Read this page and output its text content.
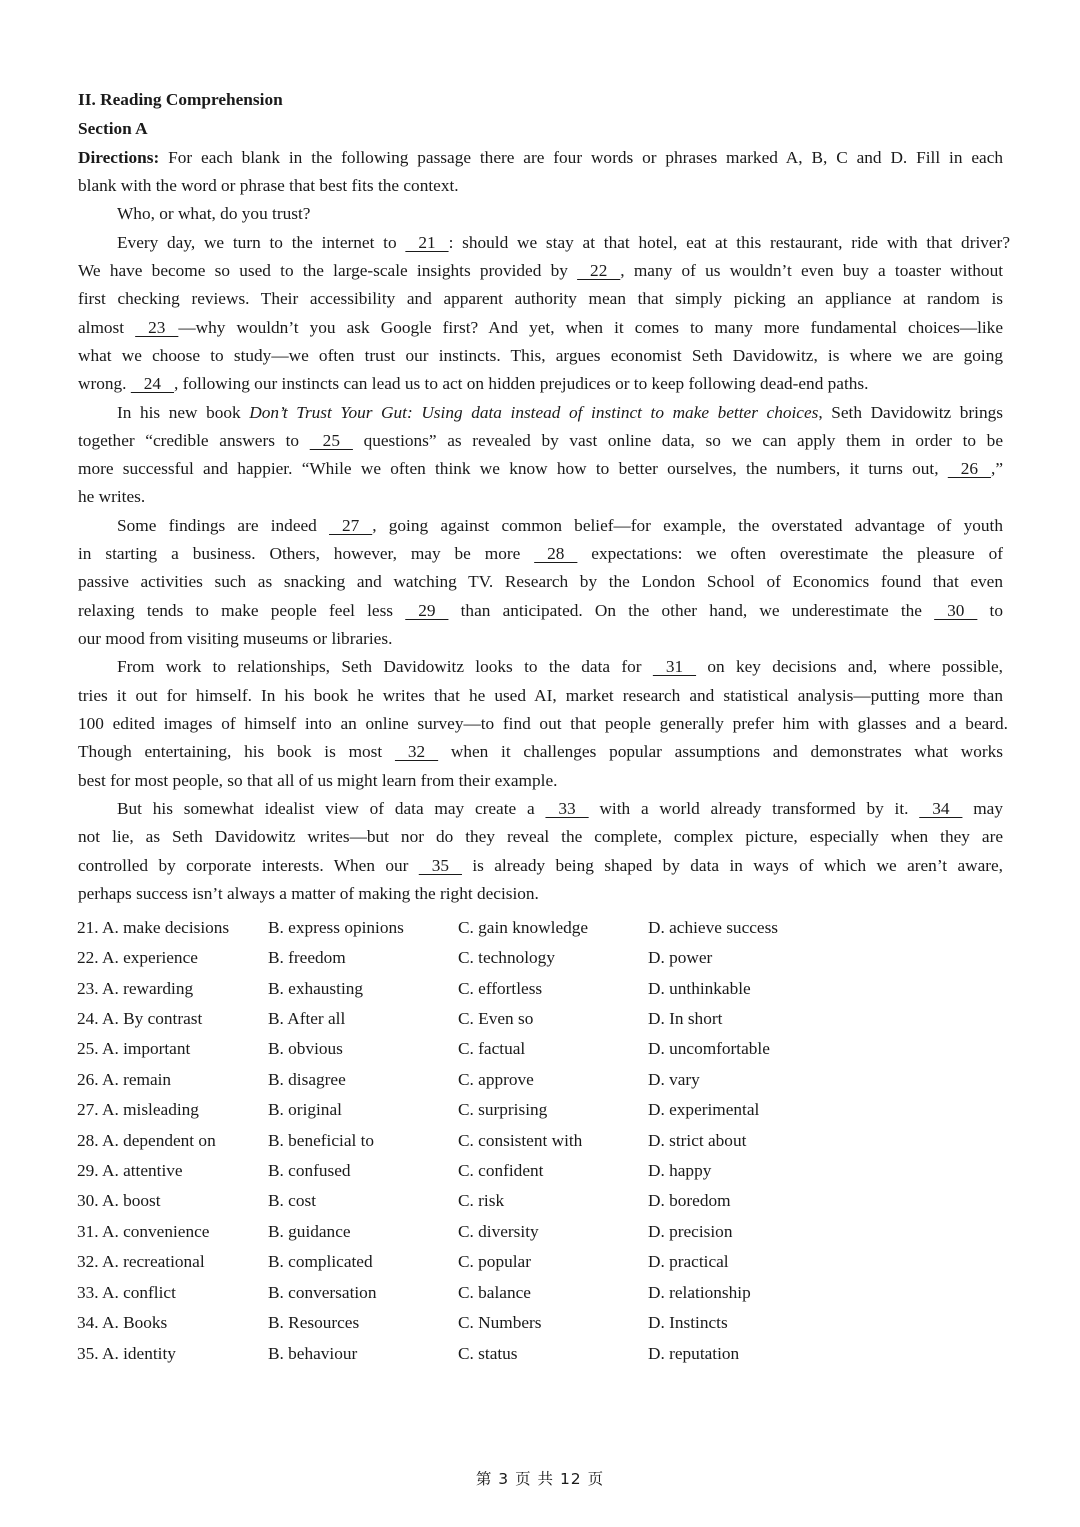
II. Reading Comprehension
Section A
Directions: For each blank in the following passage there are four words or phrases marked A, B, C and D. Fill in each
blank with the word or phrase that best fits the context.
Who, or what, do you trust?
Every day, we turn to the internet to    21   : should we stay at that hotel, eat at this restaurant, ride with that driver?
We have become so used to the large-scale insights provided by    22   , many of us wouldn’t even buy a toaster without
first checking reviews. Their accessibility and apparent authority mean that simply picking an appliance at random is
almost    23   —why wouldn’t you ask Google first? And yet, when it comes to many more fundamental choices—like
what we choose to study—we often trust our instincts. This, argues economist Seth Davidowitz, is where we are going
wrong.    24   , following our instincts can lead us to act on hidden prejudices or to keep following dead-end paths.
In his new book Don’t Trust Your Gut: Using data instead of instinct to make better choices, Seth Davidowitz brings
together “credible answers to    25    questions” as revealed by vast online data, so we can apply them in order to be
more successful and happier. “While we often think we know how to better ourselves, the numbers, it turns out,    26   ,”
he writes.
Some findings are indeed    27   , going against common belief—for example, the overstated advantage of youth
in starting a business. Others, however, may be more    28    expectations: we often overestimate the pleasure of
passive activities such as snacking and watching TV. Research by the London School of Economics found that even
relaxing tends to make people feel less    29    than anticipated. On the other hand, we underestimate the    30    to
our mood from visiting museums or libraries.
From work to relationships, Seth Davidowitz looks to the data for    31    on key decisions and, where possible,
tries it out for himself. In his book he writes that he used AI, market research and statistical analysis—putting more than
100 edited images of himself into an online survey—to find out that people generally prefer him with glasses and a beard.
Though entertaining, his book is most    32    when it challenges popular assumptions and demonstrates what works
best for most people, so that all of us might learn from their example.
But his somewhat idealist view of data may create a    33    with a world already transformed by it.    34    may
not lie, as Seth Davidowitz writes—but nor do they reveal the complete, complex picture, especially when they are
controlled by corporate interests. When our    35    is already being shaped by data in ways of which we aren’t aware,
perhaps success isn’t always a matter of making the right decision.
21. A. make decisions B. express opinions	C. gain knowledge	D. achieve success
22. A. experience	B. freedom	C. technology	D. power
23. A. rewarding	B. exhausting	C. effortless	D. unthinkable
24. A. By contrast	B. After all	C. Even so	D. In short
25. A. important	B. obvious	C. factual	D. uncomfortable
26. A. remain	B. disagree	C. approve	D. vary
27. A. misleading	B. original	C. surprising	D. experimental
28. A. dependent on	B. beneficial to	C. consistent with	D. strict about
29. A. attentive	B. confused	C. confident	D. happy
30. A. boost	B. cost	C. risk	D. boredom
31. A. convenience	B. guidance	C. diversity	D. precision
32. A. recreational	B. complicated	C. popular	D. practical
33. A. conflict	B. conversation	C. balance	D. relationship
34. A. Books	B. Resources	C. Numbers	D. Instincts
35. A. identity	B. behaviour	C. status	D. reputation
第 3 页 共 12 页
